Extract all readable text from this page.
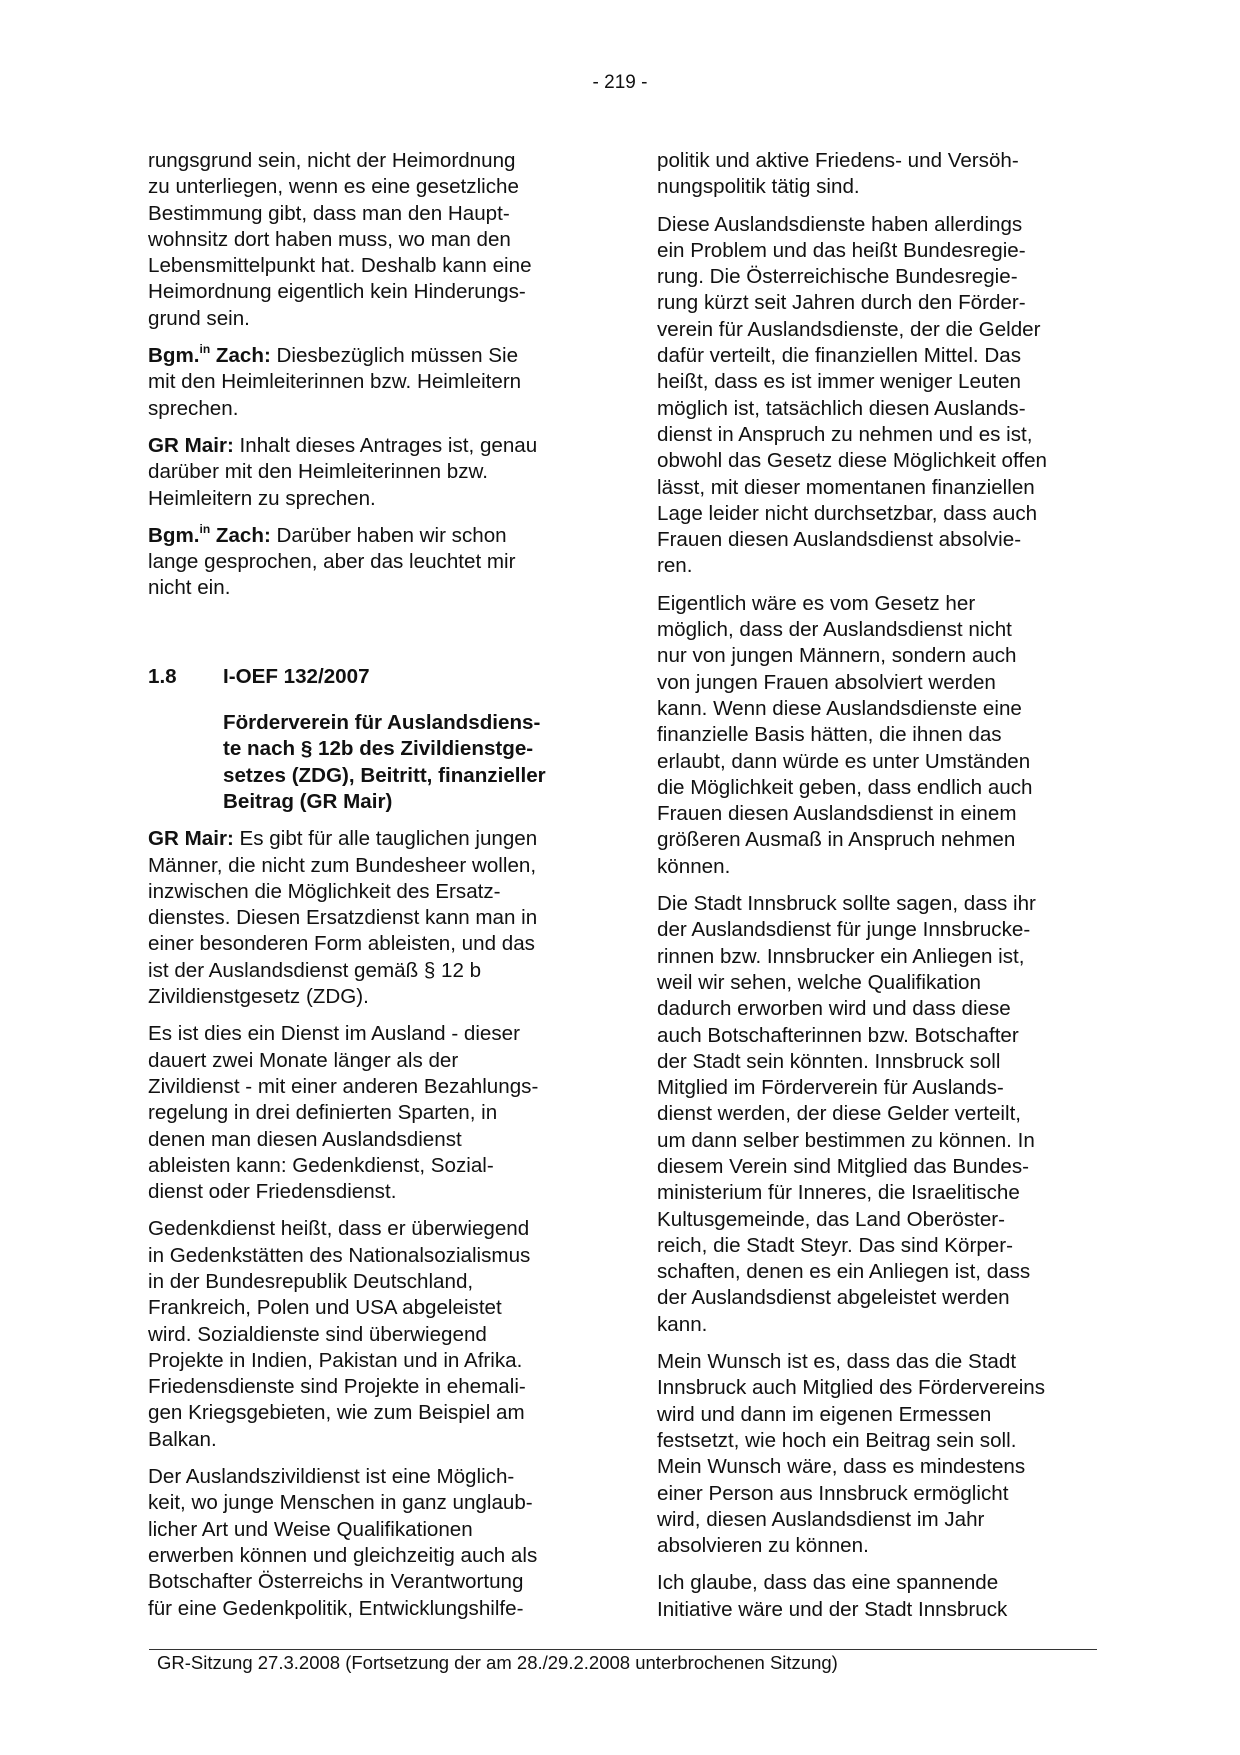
- 219 -

rungsgrund sein, nicht der Heimordnung
zu unterliegen, wenn es eine gesetzliche
Bestimmung gibt, dass man den Haupt-
wohnsitz dort haben muss, wo man den
Lebensmittelpunkt hat. Deshalb kann eine
Heimordnung eigentlich kein Hinderungs-
grund sein.

Bgm.$^{in}$ Zach: Diesbezüglich müssen Sie
mit den Heimleiterinnen bzw. Heimleitern
sprechen.

GR Mair: Inhalt dieses Antrages ist, genau
darüber mit den Heimleiterinnen bzw.
Heimleitern zu sprechen.

Bgm.$^{in}$ Zach: Darüber haben wir schon
lange gesprochen, aber das leuchtet mir
nicht ein.

1.8 I-OEF 132/2007
Förderverein für Auslandsdiens-
te nach § 12b des Zivildienstge-
setzes (ZDG), Beitritt, finanzieller
Beitrag (GR Mair)

GR Mair: Es gibt für alle tauglichen jungen
Männer, die nicht zum Bundesheer wollen,
inzwischen die Möglichkeit des Ersatz-
dienstes. Diesen Ersatzdienst kann man in
einer besonderen Form ableisten, und das
ist der Auslandsdienst gemäß § 12 b
Zivildienstgesetz (ZDG).

Es ist dies ein Dienst im Ausland - dieser
dauert zwei Monate länger als der
Zivildienst - mit einer anderen Bezahlungs-
regelung in drei definierten Sparten, in
denen man diesen Auslandsdienst
ableisten kann: Gedenkdienst, Sozial-
dienst oder Friedensdienst.

Gedenkdienst heißt, dass er überwiegend
in Gedenkstätten des Nationalsozialismus
in der Bundesrepublik Deutschland,
Frankreich, Polen und USA abgeleistet
wird. Sozialdienste sind überwiegend
Projekte in Indien, Pakistan und in Afrika.
Friedensdienste sind Projekte in ehemali-
gen Kriegsgebieten, wie zum Beispiel am
Balkan.

Der Auslandszivildienst ist eine Möglich-
keit, wo junge Menschen in ganz unglaub-
licher Art und Weise Qualifikationen
erwerben können und gleichzeitig auch als
Botschafter Österreichs in Verantwortung
für eine Gedenkpolitik, Entwicklungshilfe-

politik und aktive Friedens- und Versöh-
nungspolitik tätig sind.

Diese Auslandsdienste haben allerdings
ein Problem und das heißt Bundesregie-
rung. Die Österreichische Bundesregie-
rung kürzt seit Jahren durch den Förder-
verein für Auslandsdienste, der die Gelder
dafür verteilt, die finanziellen Mittel. Das
heißt, dass es ist immer weniger Leuten
möglich ist, tatsächlich diesen Auslands-
dienst in Anspruch zu nehmen und es ist,
obwohl das Gesetz diese Möglichkeit offen
lässt, mit dieser momentanen finanziellen
Lage leider nicht durchsetzbar, dass auch
Frauen diesen Auslandsdienst absolvie-
ren.

Eigentlich wäre es vom Gesetz her
möglich, dass der Auslandsdienst nicht
nur von jungen Männern, sondern auch
von jungen Frauen absolviert werden
kann. Wenn diese Auslandsdienste eine
finanzielle Basis hätten, die ihnen das
erlaubt, dann würde es unter Umständen
die Möglichkeit geben, dass endlich auch
Frauen diesen Auslandsdienst in einem
größeren Ausmaß in Anspruch nehmen
können.

Die Stadt Innsbruck sollte sagen, dass ihr
der Auslandsdienst für junge Innsbrucke-
rinnen bzw. Innsbrucker ein Anliegen ist,
weil wir sehen, welche Qualifikation
dadurch erworben wird und dass diese
auch Botschafterinnen bzw. Botschafter
der Stadt sein könnten. Innsbruck soll
Mitglied im Förderverein für Auslands-
dienst werden, der diese Gelder verteilt,
um dann selber bestimmen zu können. In
diesem Verein sind Mitglied das Bundes-
ministerium für Inneres, die Israelitische
Kultusgemeinde, das Land Oberöster-
reich, die Stadt Steyr. Das sind Körper-
schaften, denen es ein Anliegen ist, dass
der Auslandsdienst abgeleistet werden
kann.

Mein Wunsch ist es, dass das die Stadt
Innsbruck auch Mitglied des Fördervereins
wird und dann im eigenen Ermessen
festsetzt, wie hoch ein Beitrag sein soll.
Mein Wunsch wäre, dass es mindestens
einer Person aus Innsbruck ermöglicht
wird, diesen Auslandsdienst im Jahr
absolvieren zu können.

Ich glaube, dass das eine spannende
Initiative wäre und der Stadt Innsbruck

GR-Sitzung 27.3.2008 (Fortsetzung der am 28./29.2.2008 unterbrochenen Sitzung)
